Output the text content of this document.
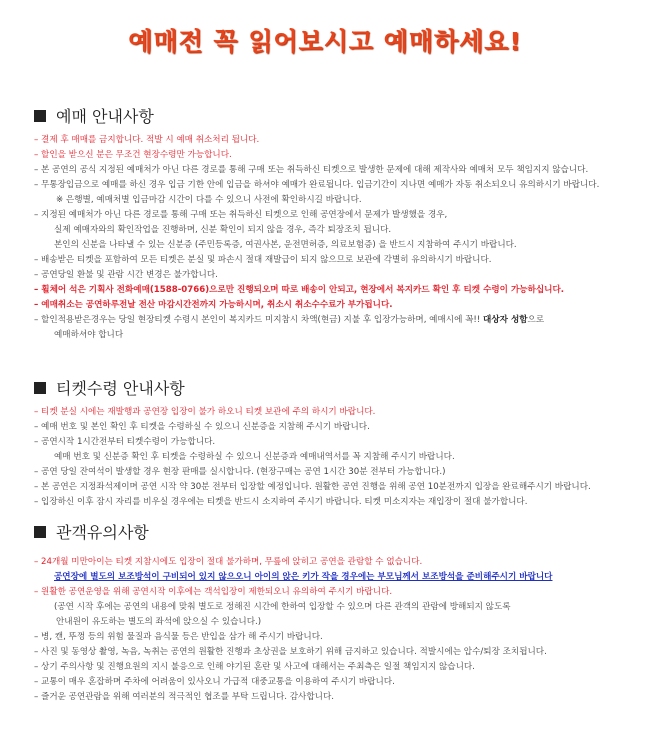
예매전 꼭 읽어보시고 예매하세요!
예매 안내사항
– 결제 후 매매를 금지합니다. 적발 시 예매 취소처리 됩니다.
– 할인을 받으신 분은 무조건 현장수령만 가능합니다.
– 본 공연의 공식 지정된 예매처가 아닌 다른 경로를 통해 구매 또는 취득하신 티켓으로 발생한 문제에 대해 제작사와 예매처 모두 책임지지 않습니다.
– 무통장입금으로 예매를 하신 경우 입금 기한 안에 입금을 하셔야 예매가 완료됩니다. 입금기간이 지나면 예매가 자동 취소되오니 유의하시기 바랍니다.
※ 은행별, 예매처별 입금마감 시간이 다를 수 있으니 사전에 확인하시길 바랍니다.
– 지정된 예매처가 아닌 다른 경로를 통해 구매 또는 취득하신 티켓으로 인해 공연장에서 문제가 발생했을 경우,
실제 예매자와의 확인작업을 진행하며, 신분 확인이 되지 않을 경우, 즉각 퇴장조치 됩니다.
본인의 신분을 나타낼 수 있는 신분증 (주민등록증, 여권사본, 운전면허증, 의료보험증) 을 반드시 지참하여 주시기 바랍니다.
– 배송받은 티켓을 포함하여 모든 티켓은 분실 및 파손시 절대 재발급이 되지 않으므로 보관에 각별히 유의하시기 바랍니다.
– 공연당일 환불 및 관람 시간 변경은 불가합니다.
– 휠체어 석은 기획사 전화예매(1588-0766)으로만 진행되오며 따로 배송이 안되고, 현장에서 복지카드 확인 후 티켓 수령이 가능하십니다.
– 예매취소는 공연하루전날 전산 마감시간전까지 가능하시며, 취소시 취소수수료가 부가됩니다.
– 할인적용받은경우는 당일 현장티켓 수령시 본인이 복지카드 미지참시 차액(현금) 지불 후 입장가능하며, 예매시에 꼭!! 대상자 성함으로
예매하셔야 합니다
티켓수령 안내사항
– 티켓 분실 시에는 재발행과 공연장 입장이 불가 하오니 티켓 보관에 주의 하시기 바랍니다.
– 예매 번호 및 본인 확인 후 티켓을 수령하실 수 있으니 신분증을 지참해 주시기 바랍니다.
– 공연시작 1시간전부터 티켓수령이 가능합니다.
예매 번호 및 신분증 확인 후 티켓을 수령하실 수 있으니 신분증과 예매내역서를 꼭 지참해 주시기 바랍니다.
– 공연 당일 잔여석이 발생할 경우 현장 판매를 실시합니다. (현장구매는 공연 1시간 30분 전부터 가능합니다.)
– 본 공연은 지정좌석제이며 공연 시작 약 30분 전부터 입장할 예정입니다. 원활한 공연 진행을 위해 공연 10분전까지 입장을 완료해주시기 바랍니다.
– 입장하신 이후 잠시 자리를 비우실 경우에는 티켓을 반드시 소지하여 주시기 바랍니다. 티켓 미소지자는 재입장이 절대 불가합니다.
관객유의사항
– 24개월 미만아이는 티켓 지참시에도 입장이 절대 불가하며, 무릎에 앉히고 공연을 관람할 수 없습니다.
공연장에 별도의 보조방석이 구비되어 있지 않으오니 아이의 앉은 키가 작을 경우에는 부모님께서 보조방석을 준비해주시기 바랍니다
– 원활한 공연운영을 위해 공연시작 이후에는 객석입장이 제한되오니 유의하여 주시기 바랍니다.
(공연 시작 후에는 공연의 내용에 맞춰 별도로 정해진 시간에 한하여 입장할 수 있으며 다른 관객의 관람에 방해되지 않도록
안내원이 유도하는 별도의 좌석에 앉으실 수 있습니다.)
– 병, 캔, 뚜껑 등의 위험 물질과 음식물 등은 반입을 삼가 해 주시기 바랍니다.
– 사진 및 동영상 촬영, 녹음, 녹취는 공연의 원활한 진행과 초상권을 보호하기 위해 금지하고 있습니다. 적발시에는 압수/퇴장 조치됩니다.
– 상기 주의사항 및 진행요원의 지시 불응으로 인해 야기된 혼란 및 사고에 대해서는 주최측은 일절 책임지지 않습니다.
– 교통이 매우 혼잡하며 주차에 어려움이 있사오니 가급적 대중교통을 이용하여 주시기 바랍니다.
– 즐거운 공연관람을 위해 여러분의 적극적인 협조를 부탁 드립니다. 감사합니다.
